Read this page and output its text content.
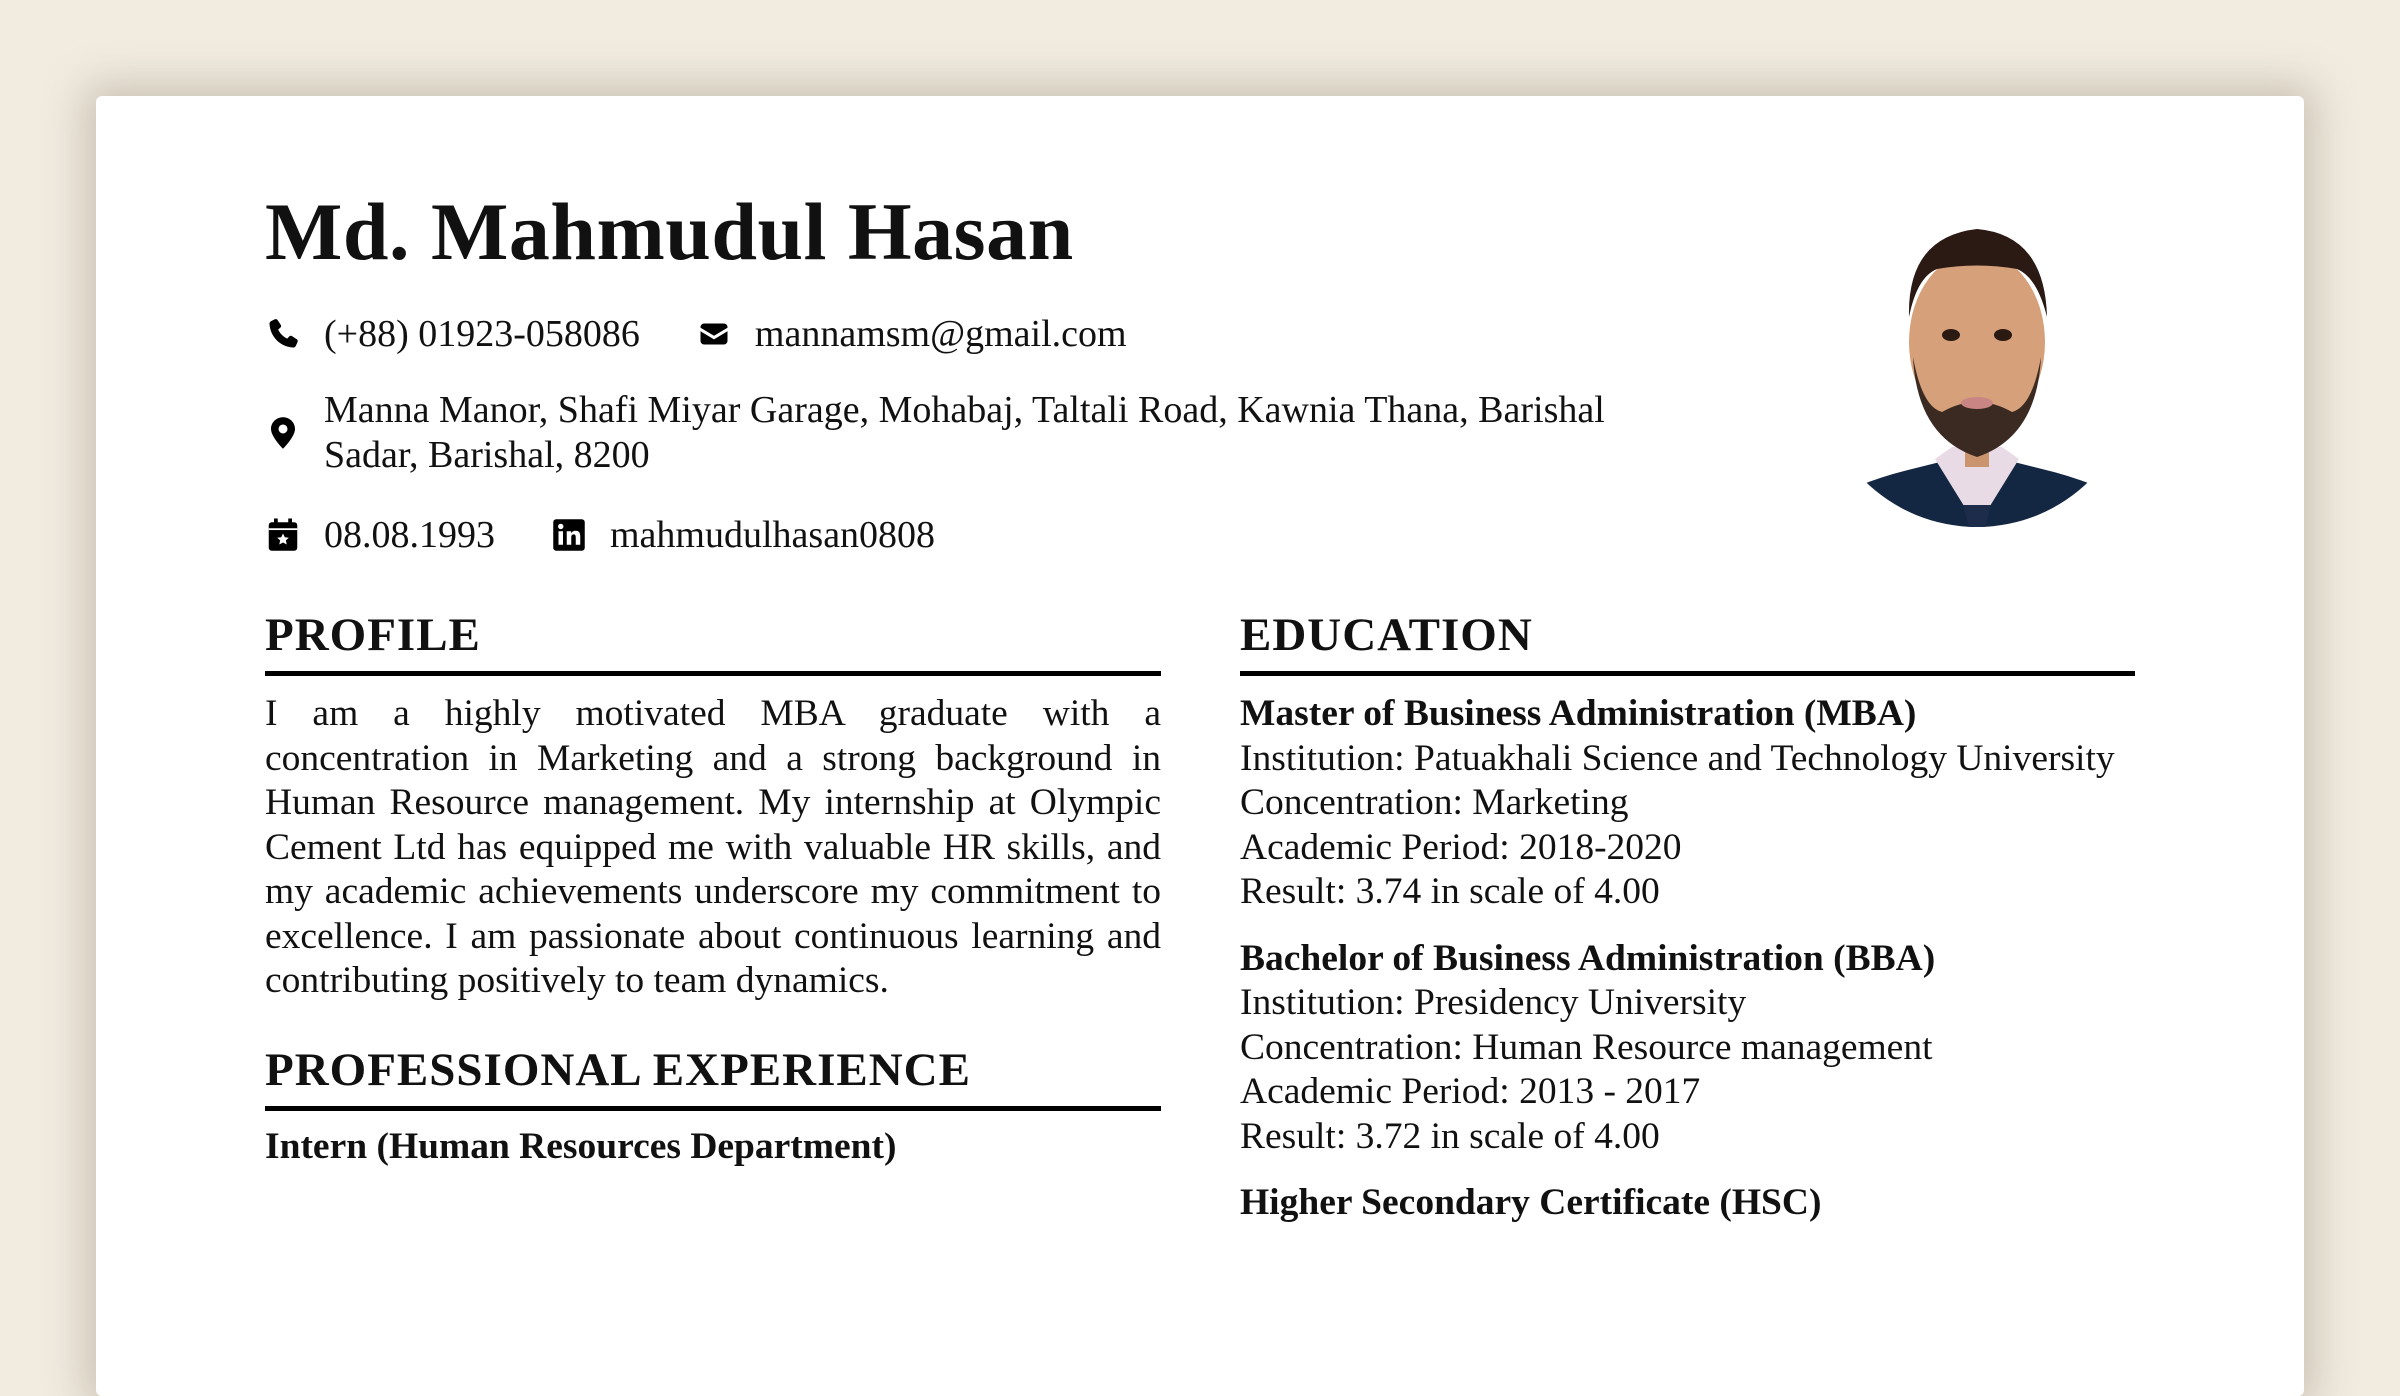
Md. Mahmudul Hasan
(+88) 01923-058086	mannamsm@gmail.com
Manna Manor, Shafi Miyar Garage, Mohabaj, Taltali Road, Kawnia Thana, Barishal
Sadar, Barishal, 8200
08.08.1993	mahmudulhasan0808
PROFILE

I am a highly motivated MBA graduate with a concentration in Marketing and a strong background in Human Resource management. My internship at Olympic Cement Ltd has equipped me with valuable HR skills, and my academic achievements underscore my commitment to excellence. I am passionate about continuous learning and contributing positively to team dynamics.

PROFESSIONAL EXPERIENCE
Intern (Human Resources Department)
EDUCATION
Master of Business Administration (MBA)
Institution: Patuakhali Science and Technology University
Concentration: Marketing
Academic Period: 2018-2020
Result: 3.74 in scale of 4.00
Bachelor of Business Administration (BBA)
Institution: Presidency University
Concentration: Human Resource management
Academic Period: 2013 - 2017
Result: 3.72 in scale of 4.00
Higher Secondary Certificate (HSC)
